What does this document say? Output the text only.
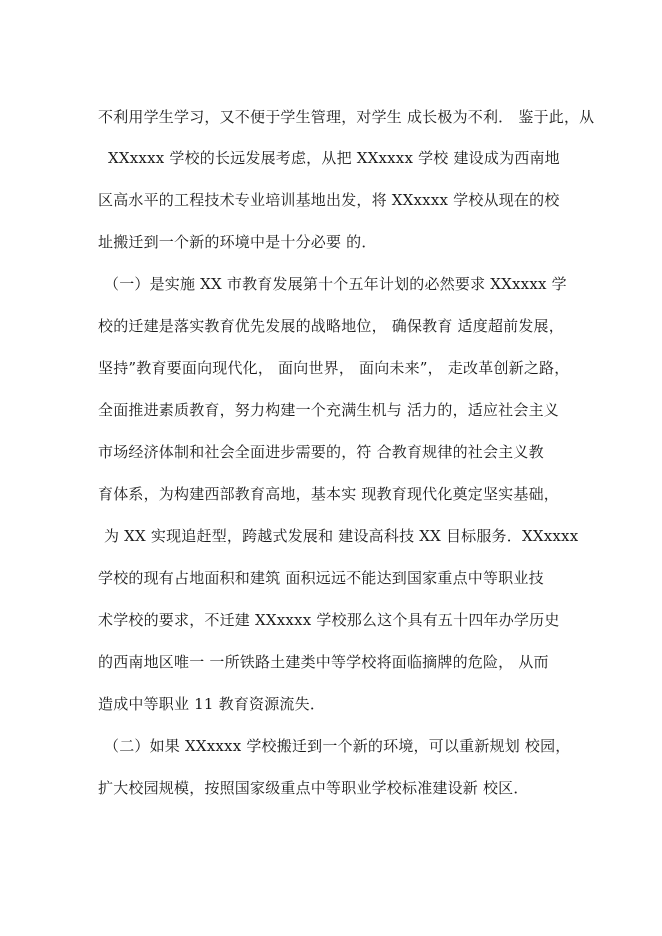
不利用学生学习，又不便于学生管理，对学生 成长极为不利． 鉴于此，从
XXxxxx 学校的长远发展考虑，从把 XXxxxx 学校 建设成为西南地
区高水平的工程技术专业培训基地出发，将 XXxxxx 学校从现在的校
址搬迁到一个新的环境中是十分必要 的．
（一）是实施 XX 市教育发展第十个五年计划的必然要求 XXxxxx 学
校的迁建是落实教育优先发展的战略地位， 确保教育 适度超前发展，
坚持”教育要面向现代化， 面向世界， 面向未来”， 走改革创新之路，
全面推进素质教育，努力构建一个充满生机与 活力的，适应社会主义
市场经济体制和社会全面进步需要的，符 合教育规律的社会主义教
育体系，为构建西部教育高地，基本实 现教育现代化奠定坚实基础，
为 XX 实现追赶型，跨越式发展和 建设高科技 XX 目标服务．XXxxxx
学校的现有占地面积和建筑 面积远远不能达到国家重点中等职业技
术学校的要求，不迁建 XXxxxx 学校那么这个具有五十四年办学历史
的西南地区唯一 一所铁路土建类中等学校将面临摘牌的危险， 从而
造成中等职业 11 教育资源流失．
（二）如果 XXxxxx 学校搬迁到一个新的环境，可以重新规划 校园，
扩大校园规模，按照国家级重点中等职业学校标准建设新 校区．
